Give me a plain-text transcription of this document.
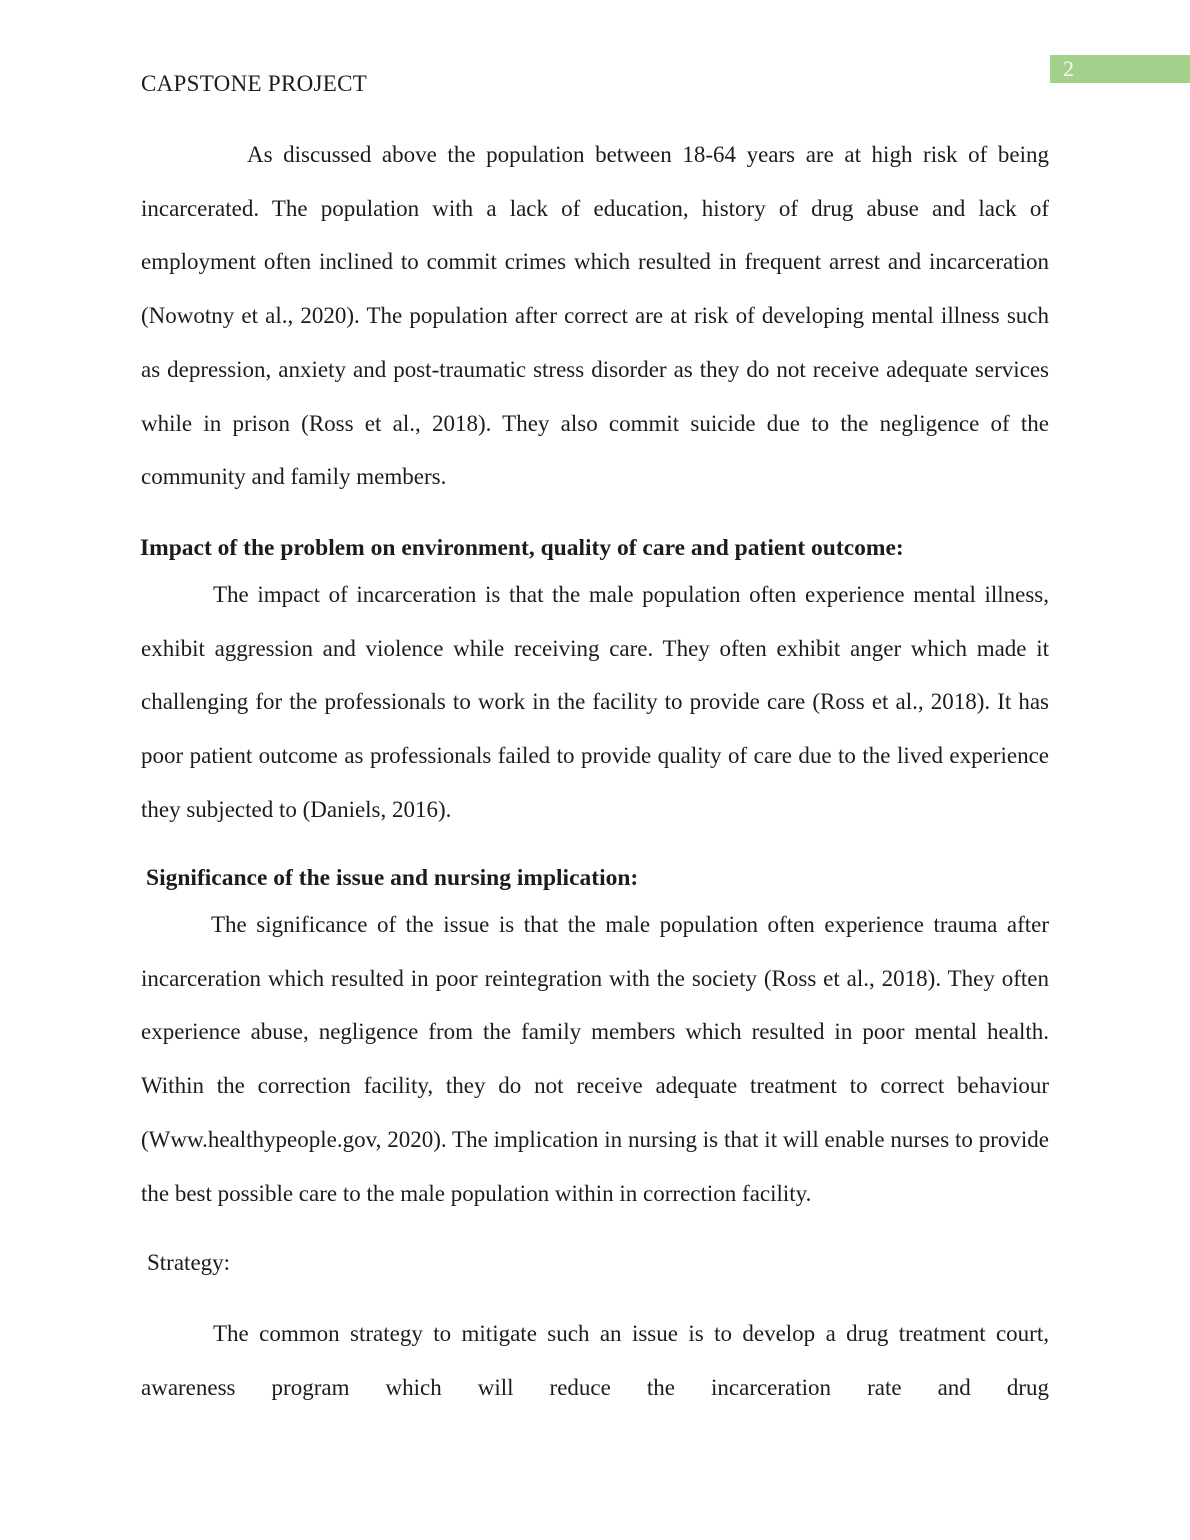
CAPSTONE PROJECT
2

As discussed above the population between 18-64 years are at high risk of being incarcerated. The population with a lack of education, history of drug abuse and lack of employment often inclined to commit crimes which resulted in frequent arrest and incarceration (Nowotny et al., 2020). The population after correct are at risk of developing mental illness such as depression, anxiety and post-traumatic stress disorder as they do not receive adequate services while in prison (Ross et al., 2018). They also commit suicide due to the negligence of the community and family members.

Impact of the problem on environment, quality of care and patient outcome:

The impact of incarceration is that the male population often experience mental illness, exhibit aggression and violence while receiving care. They often exhibit anger which made it challenging for the professionals to work in the facility to provide care (Ross et al., 2018). It has poor patient outcome as professionals failed to provide quality of care due to the lived experience they subjected to (Daniels, 2016).

Significance of the issue and nursing implication:

The significance of the issue is that the male population often experience trauma after incarceration which resulted in poor reintegration with the society (Ross et al., 2018). They often experience abuse, negligence from the family members which resulted in poor mental health. Within the correction facility, they do not receive adequate treatment to correct behaviour (Www.healthypeople.gov, 2020). The implication in nursing is that it will enable nurses to provide the best possible care to the male population within in correction facility.

Strategy:

The common strategy to mitigate such an issue is to develop a drug treatment court, awareness program which will reduce the incarceration rate and drug
